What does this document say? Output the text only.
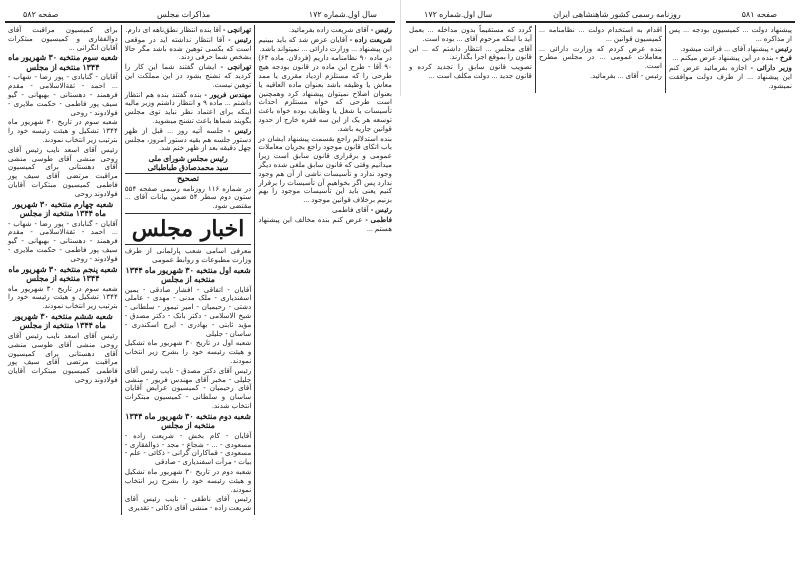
سال اول.شماره ۱۷۲
مذاکرات مجلس
صفحه ۵۸۲

رئیس - آقای شریعت زاده بفرمائید.

شریعت زاده - آقایان عرض شد که باید ببینیم این پیشنهاد ... وزارت دارائی ... نمیتواند باشد.

در ماده ۹۰ نظامنامه داریم (فردلان. ماده ۶۳) ۹۰ آقا - طرح این ماده در قانون بودجه هیچ طرحی را که مستلزم ازدیاد مقرری یا ممد معاش یا وظیفه باشد بعنوان ماده العاقیه یا بعنوان اصلاح نمیتوان پیشنهاد کرد وهمچنین است طرحی که خواه مستلزم احداث تأسیسات یا شغل یا وظایف بوده خواه باعث توسعه هر یک از این سه فقره خارج از حدود قوانین جاریه باشد.

بنده استدلالم راجع بقسمت پیشنهاد ایشان در باب اتکای قانون موجود راجع بجریان معاملات عمومی و برقراری قانون سابق است زیرا میدانیم وقتی که قانون سابق ملغی شده دیگر وجود ندارد و تأسیسات ناشی از آن هم وجود ندارد پس اگر بخواهیم آن تأسیسات را برقرار کنیم یعنی باید این تأسیسات موجود را بهم بزنیم برخلاف قوانین موجود ...

رئیس - آقای فاطمی

فاطمی - عرض کنم بنده مخالف این پیشنهاد هستم ...

تهرانچی - آقا بنده انتظار نطق‌ناهه ای دارم.

رئیس - آقا انتظار نداشته اید در موقعی است که بکسی توهین شده باشد مگر حالا بشخص شما حرفی زدند.

تهرانچی - ایشان گفتند شما این کار را کردید که تشنج بشود در این مملکت این توهین نیست.

مهندس فریور - بنده گفتند بنده هم انتظار داشتم ... ماده ۹ و انتظار داشتم وزیر مالیه اینکه برای اعتماد نظر نباید توی مجلس بگویند شماها باعث تشنج میشوید.

رئیس - جلسه آتیه روز ... قبل از ظهر دستور جلسه هم بقیه دستور امروز، مجلس چهل دقیقه بعد از ظهر ختم شد.

رئیس مجلس شورای ملی
سید محمدصادق طباطبائی
تصحیح

در شماره ۱۱۶ روزنامه رسمی صفحه ۵۵۴ ستون دوم سطر ۵۴ ضمن بیانات آقای ... مقتضی شود.

اخبار مجلس

معرفی اسامی شعب پارلمانی از طرف وزارت مطبوعات و روابط عمومی

شعبه اول منتخبه ۳۰ شهریور ماه ۱۳۴۴ منتخبه از مجلس

آقایان - اتفاقی - افشار صادقی - یمین اسفندیاری - ملک مدنی - مهدی - عاملی دشتی - رحیمیان - امیر تیمور - سلطانی - شیخ الاسلامی - دکتر بانک - دکتر مصدق - مؤید ثابتی - بهادری - ایرج اسکندری - ساسان - جلیلی

شعبه اول در تاریخ ۳۰ شهریور ماه تشکیل و هیئت رئیسه خود را بشرح زیر انتخاب نمودند.

رئیس آقای دکتر مصدق - نایب رئیس آقای جلیلی - مخبر آقای مهندس فریور - منشی آقای رحیمیان - کمیسیون عرایض آقایان ساسان و سلطانی - کمیسیون مبتکرات انتخاب شدند.

شعبه دوم منتخبه ۳۰ شهریور ماه ۱۳۴۴ منتخبه از مجلس

آقایان - کام بخش - شریعت زاده - مسعودی - ... - شجاع - مجد - ذوالفقاری - مسعودی - قماکاران گرانی - ذکائی - علم - بیات - مرآت اسفندیاری - صادقی

شعبه دوم در تاریخ ۳۰ شهریور ماه تشکیل و هیئت رئیسه خود را بشرح زیر انتخاب نمودند.

رئیس آقای ناطقی - نایب رئیس آقای شریعت زاده - منشی آقای ذکائی - تقدیری

برای کمیسیون مراقبت آقای ذوالفقاری و کمیسیون مبتکرات آقایان انگرانی ...

شعبه سوم منتخبه ۳۰ شهریور ماه ۱۳۴۴ منتخبه از مجلس

آقایان - گنابادی - پور رضا - شهاب - ... احمد - ثقةالاسلامی - مقدم فرهمند - دهستانی - بهبهانی - گیو سیف پور فاطمی - حکمت ملایری - فولادوند - روحی

شعبه سوم در تاریخ ۳۰ شهریور ماه ۱۳۴۴ تشکیل و هیئت رئیسه خود را بترتیب زیر انتخاب نمودند.

رئیس آقای اسعد نایب رئیس آقای روحی منشی آقای طوسی منشی آقای دهستانی برای کمیسیون مراقبت مرتضی آقای سیف پور فاطمی کمیسیون مبتکرات آقایان فولادوند روحی

شعبه چهارم منتخبه ۳۰ شهریور ماه ۱۳۴۴ منتخبه از مجلس

آقایان - گنابادی - پور رضا - شهاب - ... احمد - ثقةالاسلامی - مقدم فرهمند - دهستانی - بهبهانی - گیو سیف پور فاطمی - حکمت ملایری - فولادوند - روحی

شعبه پنجم منتخبه ۳۰ شهریور ماه ۱۳۴۴ منتخبه از مجلس

شعبه سوم در تاریخ ۳۰ شهریور ماه ۱۳۴۴ تشکیل و هیئت رئیسه خود را بترتیب زیر انتخاب نمودند.

شعبه ششم منتخبه ۳۰ شهریور ماه ۱۳۴۴ منتخبه از مجلس

رئیس آقای اسعد نایب رئیس آقای روحی منشی آقای طوسی منشی آقای دهستانی برای کمیسیون مراقبت مرتضی آقای سیف پور فاطمی کمیسیون مبتکرات آقایان فولادوند روحی

صفحه ۵۸۱
روزنامه رسمی کشور شاهنشاهی ایران
سال اول.شماره ۱۷۲

پیشنهاد دولت ... کمیسیون بودجه ... پس از مذاکره ...

رئیس - پیشنهاد آقای ... قرائت میشود.

فرخ - بنده در این پیشنهاد عرض میکنم ...

وزیر دارائی - اجازه بفرمائید عرض کنم این پیشنهاد ... از طرف دولت موافقت نمیشود.

اقدام به استخدام دولت ... نظامنامه ... کمیسیون قوانین ...

بنده عرض کردم که وزارت دارائی ... معاملات عمومی ... در مجلس مطرح است.

رئیس - آقای ... بفرمائید.

گردد که مستقیماً بدون مداخله ... بعمل آید با اینکه مرحوم آقای ... بوده است.

آقای مجلس ... انتظار داشتم که ... این قانون را بموقع اجرا بگذارند.

تصویب قانون سابق را تجدید کرده و قانون جدید ... دولت مکلف است ...
